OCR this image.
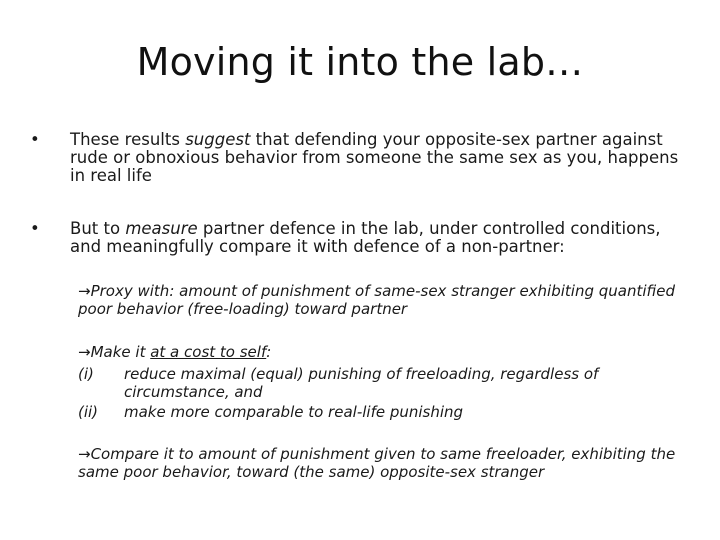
Moving it into the lab…
• These results suggest that defending your opposite-sex partner against rude or obnoxious behavior from someone the same sex as you, happens in real life
• But to measure partner defence in the lab, under controlled conditions, and meaningfully compare it with defence of a non-partner:
→Proxy with: amount of punishment of same-sex stranger exhibiting quantified poor behavior (free-loading) toward partner
→Make it at a cost to self:
(i) reduce maximal (equal) punishing of freeloading, regardless of circumstance, and
(ii) make more comparable to real-life punishing
→Compare it to amount of punishment given to same freeloader, exhibiting the same poor behavior, toward (the same) opposite-sex stranger
